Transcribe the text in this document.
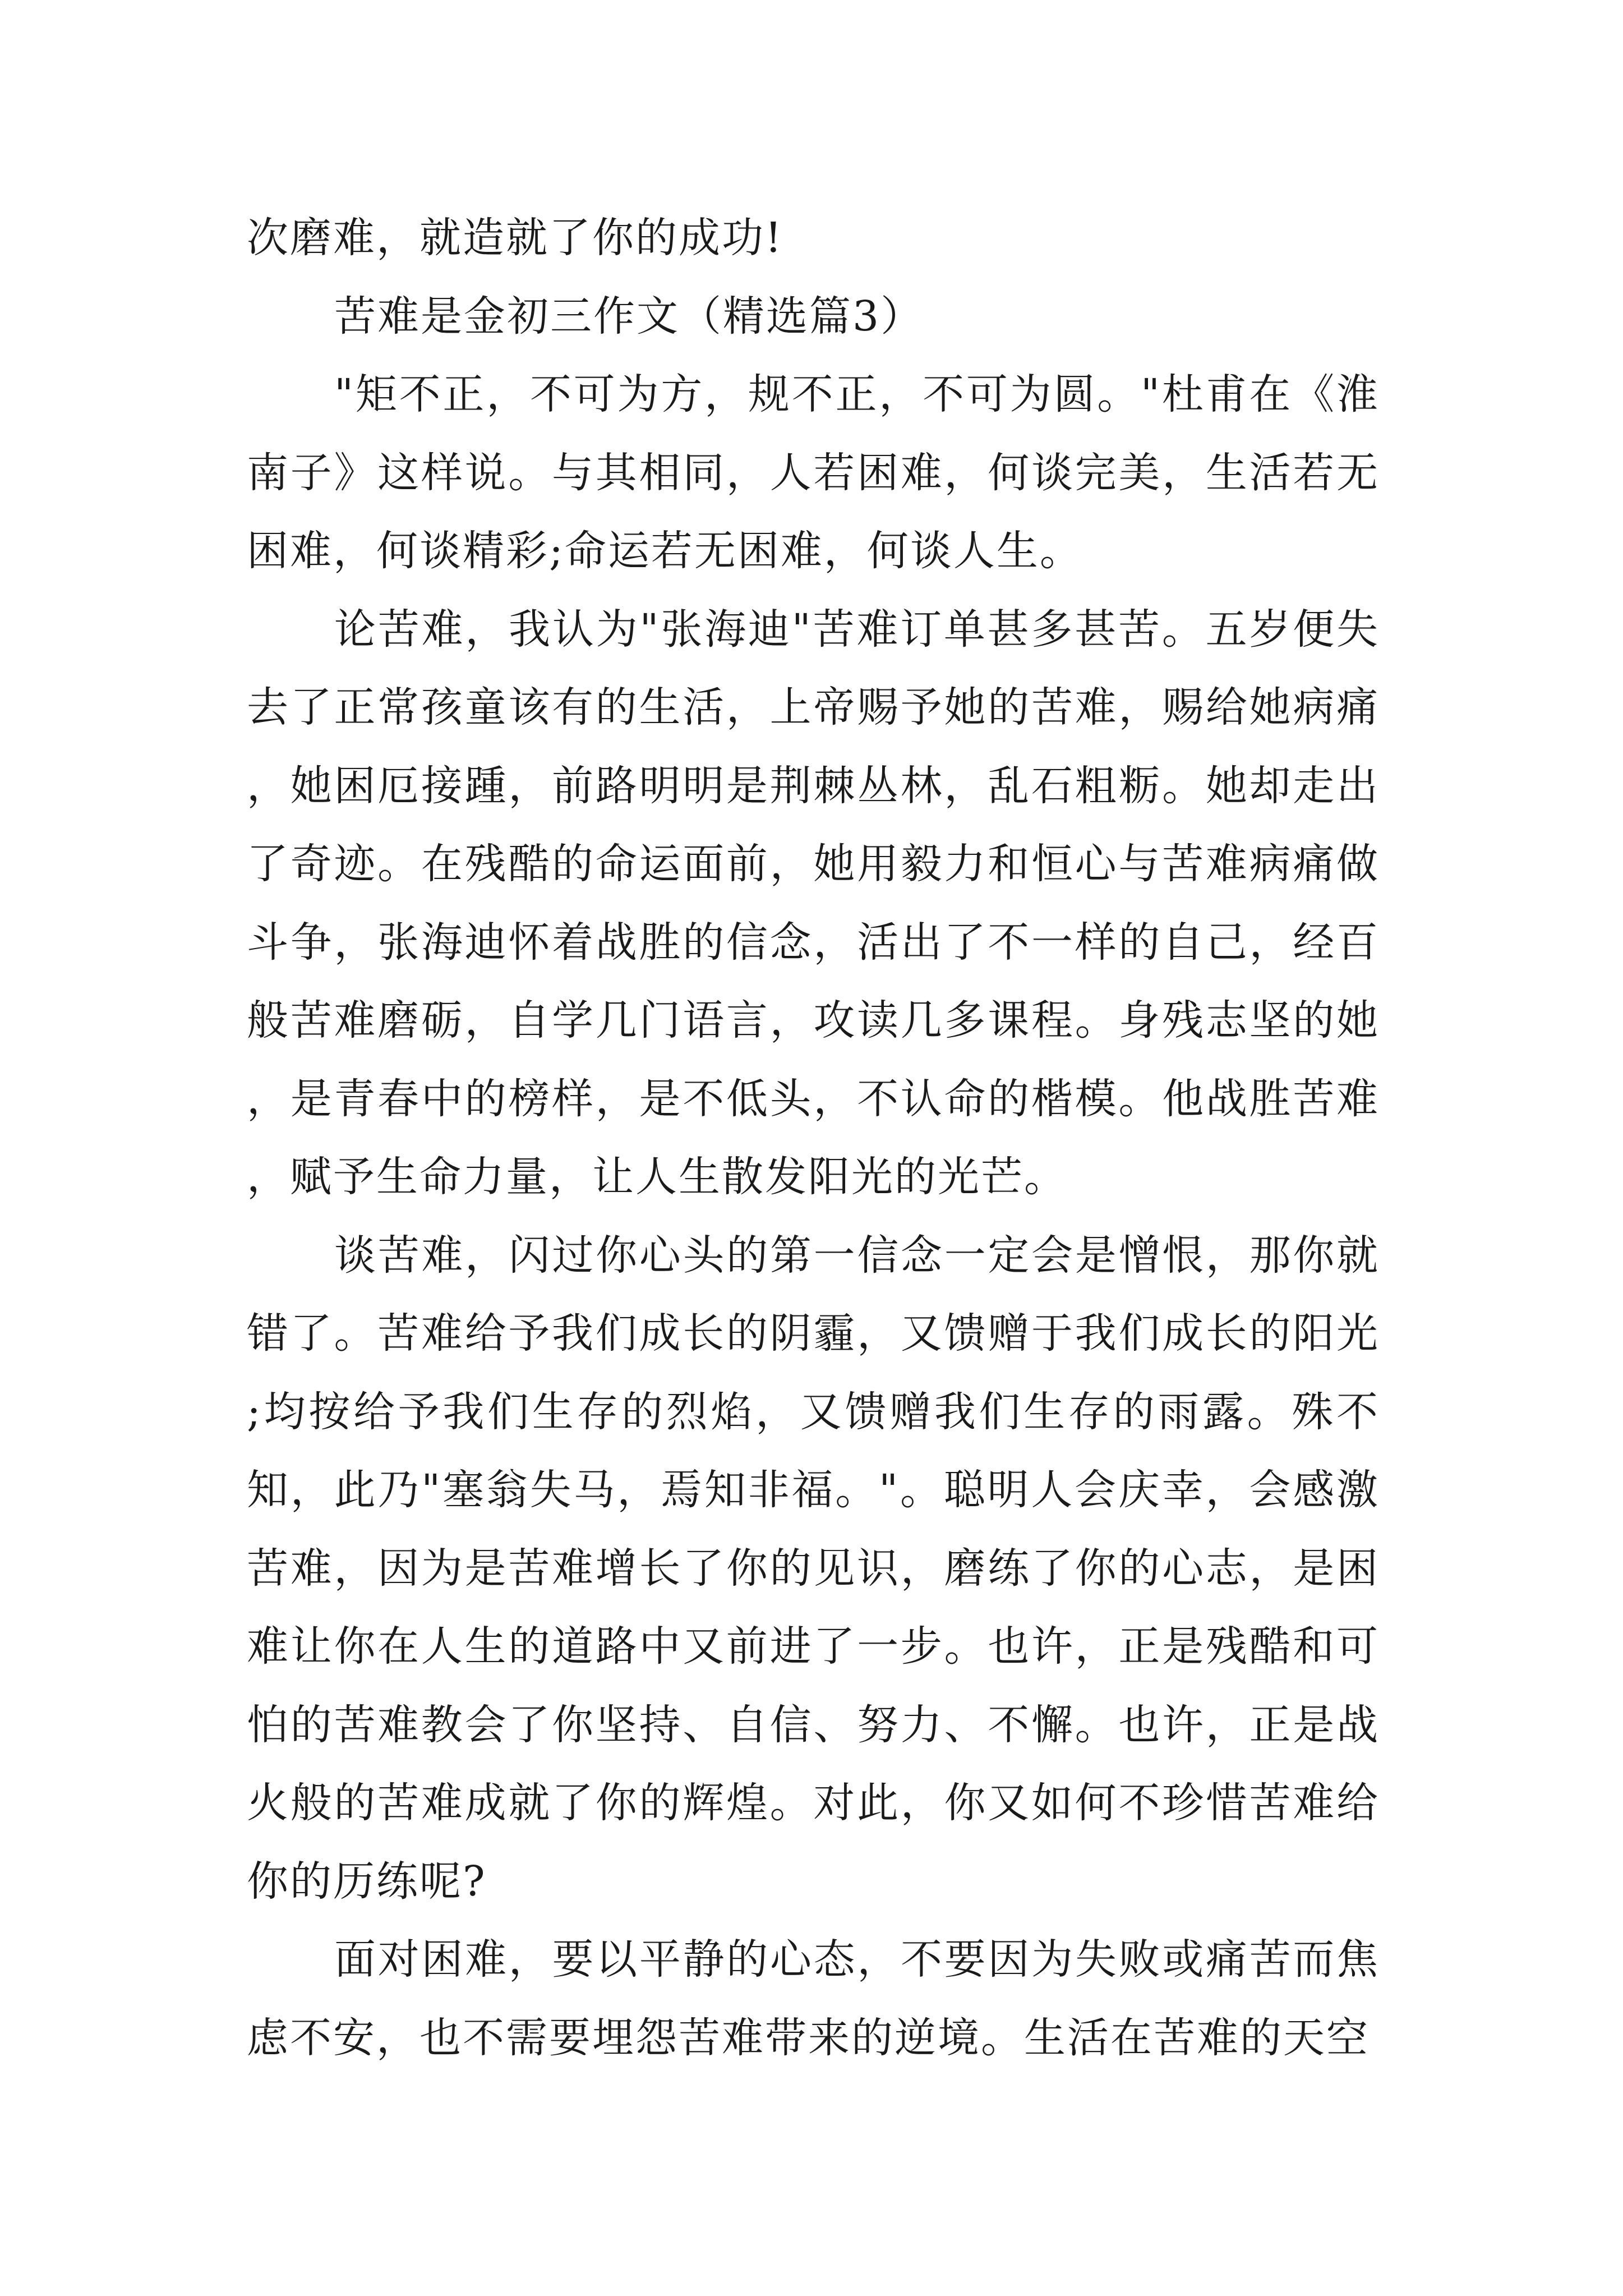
次磨难，就造就了你的成功!

苦难是金初三作文（精选篇3）

"矩不正，不可为方，规不正，不可为圆。"杜甫在《淮南子》这样说。与其相同，人若困难，何谈完美，生活若无困难，何谈精彩;命运若无困难，何谈人生。

论苦难，我认为"张海迪"苦难订单甚多甚苦。五岁便失去了正常孩童该有的生活，上帝赐予她的苦难，赐给她病痛，她困厄接踵，前路明明是荆棘丛林，乱石粗粝。她却走出了奇迹。在残酷的命运面前，她用毅力和恒心与苦难病痛做斗争，张海迪怀着战胜的信念，活出了不一样的自己，经百般苦难磨砺，自学几门语言，攻读几多课程。身残志坚的她，是青春中的榜样，是不低头，不认命的楷模。他战胜苦难，赋予生命力量，让人生散发阳光的光芒。

谈苦难，闪过你心头的第一信念一定会是憎恨，那你就错了。苦难给予我们成长的阴霾，又馈赠于我们成长的阳光;均按给予我们生存的烈焰，又馈赠我们生存的雨露。殊不知，此乃"塞翁失马，焉知非福。"。聪明人会庆幸，会感激苦难，因为是苦难增长了你的见识，磨练了你的心志，是困难让你在人生的道路中又前进了一步。也许，正是残酷和可怕的苦难教会了你坚持、自信、努力、不懈。也许，正是战火般的苦难成就了你的辉煌。对此，你又如何不珍惜苦难给你的历练呢?

面对困难，要以平静的心态，不要因为失败或痛苦而焦虑不安，也不需要埋怨苦难带来的逆境。生活在苦难的天空
